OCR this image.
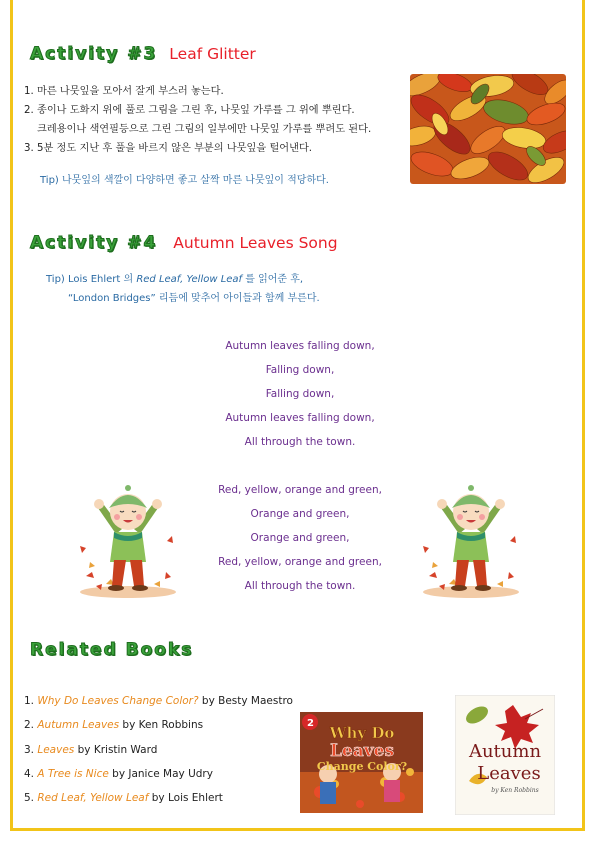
Activity #3 Leaf Glitter
1. 마른 나뭇잎을 모아서 잘게 부스러 놓는다.
2. 종이나 도화지 위에 풀로 그림을 그린 후, 나뭇잎 가루를 그 위에 뿌린다.
크레용이나 색연필등으로 그린 그림의 일부에만 나뭇잎 가루를 뿌려도 된다.
3. 5분 정도 지난 후 풀을 바르지 않은 부분의 나뭇잎을 털어낸다.
Tip) 나뭇잎의 색깔이 다양하면 좋고 살짝 마른 나뭇잎이 적당하다.
Activity #4 Autumn Leaves Song
Tip) Lois Ehlert 의 Red Leaf, Yellow Leaf 를 읽어준 후,
“London Bridges” 리듬에 맞추어 아이들과 함께 부른다.
Autumn leaves falling down,
Falling down,
Falling down,
Autumn leaves falling down,
All through the town.
Red, yellow, orange and green,
Orange and green,
Orange and green,
Red, yellow, orange and green,
All through the town.
Related Books
1. Why Do Leaves Change Color? by Besty Maestro
2. Autumn Leaves by Ken Robbins
3. Leaves by Kristin Ward
4. A Tree is Nice by Janice May Udry
5. Red Leaf, Yellow Leaf by Lois Ehlert
2
Why Do
Leaves
Change Color?
Autumn
Leaves
by Ken Robbins
